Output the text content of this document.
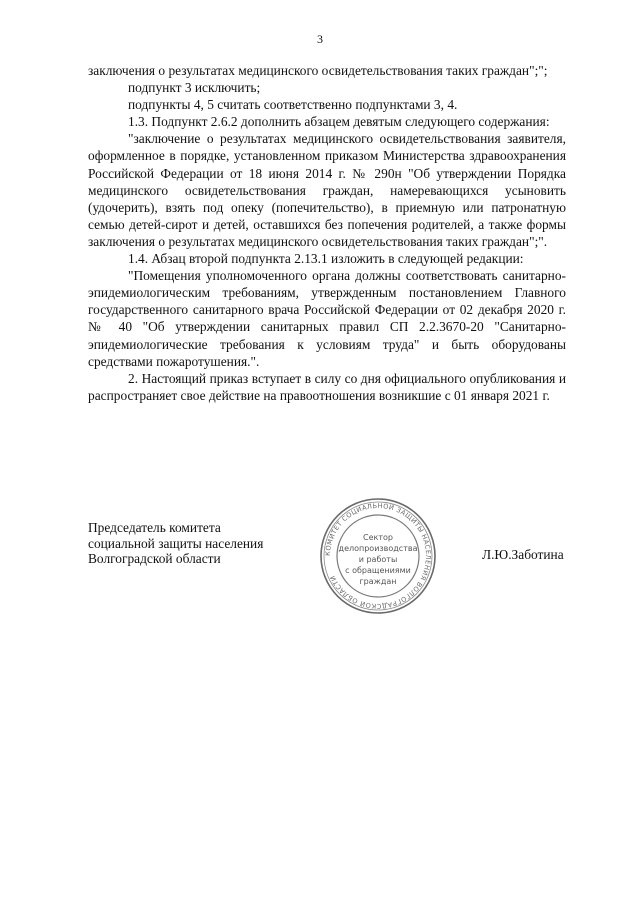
3

заключения о результатах медицинского освидетельствования таких граждан";";

подпункт 3 исключить;

подпункты 4, 5 считать соответственно подпунктами 3, 4.

1.3. Подпункт 2.6.2 дополнить абзацем девятым следующего содержания:

"заключение о результатах медицинского освидетельствования заявителя, оформленное в порядке, установленном приказом Министерства здравоохранения Российской Федерации от 18 июня 2014 г. № 290н "Об утверждении Порядка медицинского освидетельствования граждан, намеревающихся усыновить (удочерить), взять под опеку (попечительство), в приемную или патронатную семью детей-сирот и детей, оставшихся без попечения родителей, а также формы заключения о результатах медицинского освидетельствования таких граждан";".

1.4. Абзац второй подпункта 2.13.1 изложить в следующей редакции:

"Помещения уполномоченного органа должны соответствовать санитарно-эпидемиологическим требованиям, утвержденным постановлением Главного государственного санитарного врача Российской Федерации от 02 декабря 2020 г. № 40 "Об утверждении санитарных правил СП 2.2.3670-20 "Санитарно-эпидемиологические требования к условиям труда" и быть оборудованы средствами пожаротушения.".

2. Настоящий приказ вступает в силу со дня официального опубликования и распространяет свое действие на правоотношения возникшие с 01 января 2021 г.

Председатель комитета
социальной защиты населения
Волгоградской области	Л.Ю.Заботина
КОМИТЕТ СОЦИАЛЬНОЙ ЗАЩИТЫ НАСЕЛЕНИЯ ВОЛГОГРАДСКОЙ ОБЛАСТИ
Сектор
делопроизводства
и работы
с обращениями
граждан
